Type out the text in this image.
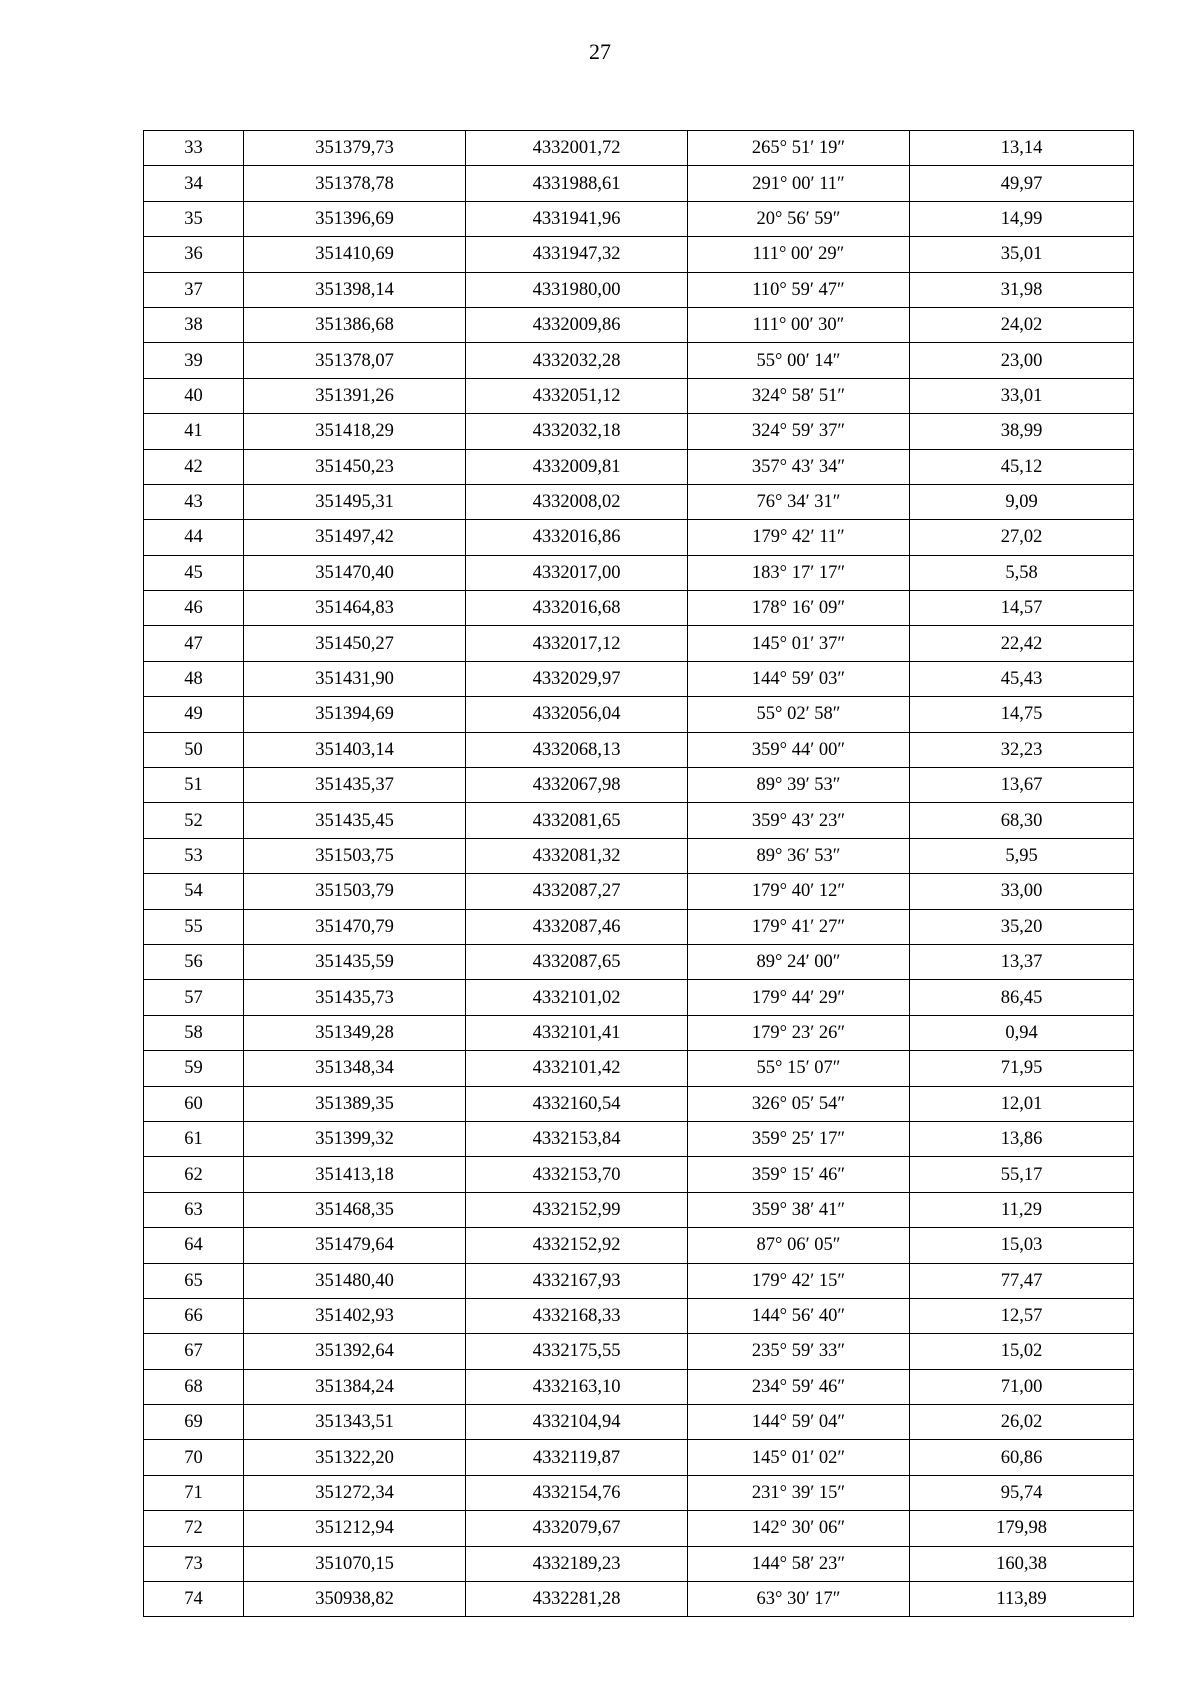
27
33	351379,73	4332001,72	265° 51′ 19″	13,14
34	351378,78	4331988,61	291° 00′ 11″	49,97
35	351396,69	4331941,96	20° 56′ 59″	14,99
36	351410,69	4331947,32	111° 00′ 29″	35,01
37	351398,14	4331980,00	110° 59′ 47″	31,98
38	351386,68	4332009,86	111° 00′ 30″	24,02
39	351378,07	4332032,28	55° 00′ 14″	23,00
40	351391,26	4332051,12	324° 58′ 51″	33,01
41	351418,29	4332032,18	324° 59′ 37″	38,99
42	351450,23	4332009,81	357° 43′ 34″	45,12
43	351495,31	4332008,02	76° 34′ 31″	9,09
44	351497,42	4332016,86	179° 42′ 11″	27,02
45	351470,40	4332017,00	183° 17′ 17″	5,58
46	351464,83	4332016,68	178° 16′ 09″	14,57
47	351450,27	4332017,12	145° 01′ 37″	22,42
48	351431,90	4332029,97	144° 59′ 03″	45,43
49	351394,69	4332056,04	55° 02′ 58″	14,75
50	351403,14	4332068,13	359° 44′ 00″	32,23
51	351435,37	4332067,98	89° 39′ 53″	13,67
52	351435,45	4332081,65	359° 43′ 23″	68,30
53	351503,75	4332081,32	89° 36′ 53″	5,95
54	351503,79	4332087,27	179° 40′ 12″	33,00
55	351470,79	4332087,46	179° 41′ 27″	35,20
56	351435,59	4332087,65	89° 24′ 00″	13,37
57	351435,73	4332101,02	179° 44′ 29″	86,45
58	351349,28	4332101,41	179° 23′ 26″	0,94
59	351348,34	4332101,42	55° 15′ 07″	71,95
60	351389,35	4332160,54	326° 05′ 54″	12,01
61	351399,32	4332153,84	359° 25′ 17″	13,86
62	351413,18	4332153,70	359° 15′ 46″	55,17
63	351468,35	4332152,99	359° 38′ 41″	11,29
64	351479,64	4332152,92	87° 06′ 05″	15,03
65	351480,40	4332167,93	179° 42′ 15″	77,47
66	351402,93	4332168,33	144° 56′ 40″	12,57
67	351392,64	4332175,55	235° 59′ 33″	15,02
68	351384,24	4332163,10	234° 59′ 46″	71,00
69	351343,51	4332104,94	144° 59′ 04″	26,02
70	351322,20	4332119,87	145° 01′ 02″	60,86
71	351272,34	4332154,76	231° 39′ 15″	95,74
72	351212,94	4332079,67	142° 30′ 06″	179,98
73	351070,15	4332189,23	144° 58′ 23″	160,38
74	350938,82	4332281,28	63° 30′ 17″	113,89
